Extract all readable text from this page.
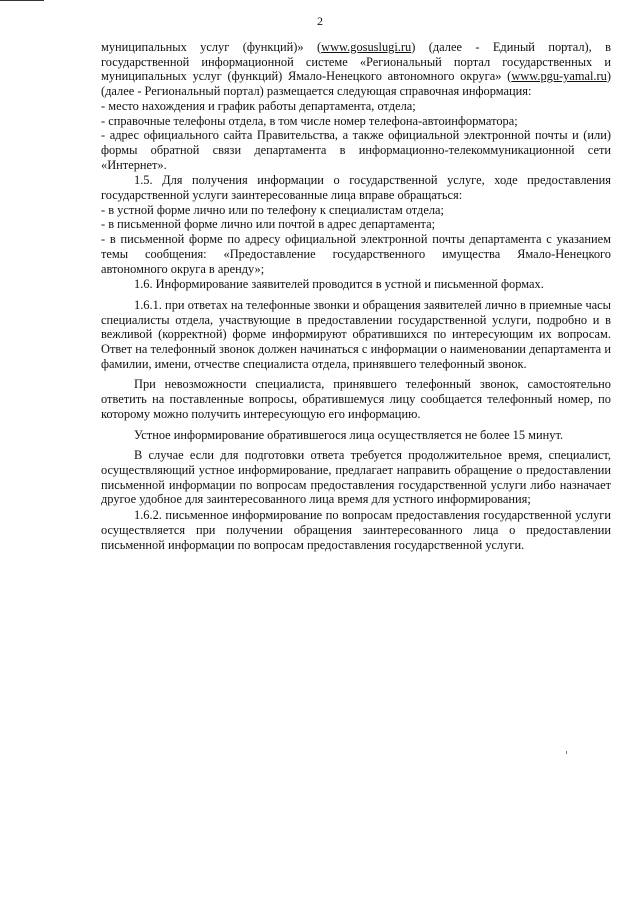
2

муниципальных услуг (функций)» (www.gosuslugi.ru) (далее - Единый портал), в государственной информационной системе «Региональный портал государственных и муниципальных услуг (функций) Ямало-Ненецкого автономного округа» (www.pgu-yamal.ru) (далее - Региональный портал) размещается следующая справочная информация:

- место нахождения и график работы департамента, отдела;

- справочные телефоны отдела, в том числе номер телефона-автоинформатора;

- адрес официального сайта Правительства, а также официальной электронной почты и (или) формы обратной связи департамента в информационно-телекоммуникационной сети «Интернет».

1.5. Для получения информации о государственной услуге, ходе предоставления государственной услуги заинтересованные лица вправе обращаться:

- в устной форме лично или по телефону к специалистам отдела;

- в письменной форме лично или почтой в адрес департамента;

- в письменной форме по адресу официальной электронной почты департамента с указанием темы сообщения: «Предоставление государственного имущества Ямало-Ненецкого автономного округа в аренду»;

1.6. Информирование заявителей проводится в устной и письменной формах.

1.6.1. при ответах на телефонные звонки и обращения заявителей лично в приемные часы специалисты отдела, участвующие в предоставлении государственной услуги, подробно и в вежливой (корректной) форме информируют обратившихся по интересующим их вопросам. Ответ на телефонный звонок должен начинаться с информации о наименовании департамента и фамилии, имени, отчестве специалиста отдела, принявшего телефонный звонок.

При невозможности специалиста, принявшего телефонный звонок, самостоятельно ответить на поставленные вопросы, обратившемуся лицу сообщается телефонный номер, по которому можно получить интересующую его информацию.

Устное информирование обратившегося лица осуществляется не более 15 минут.

В случае если для подготовки ответа требуется продолжительное время, специалист, осуществляющий устное информирование, предлагает направить обращение о предоставлении письменной информации по вопросам предоставления государственной услуги либо назначает другое удобное для заинтересованного лица время для устного информирования;

1.6.2. письменное информирование по вопросам предоставления государственной услуги осуществляется при получении обращения заинтересованного лица о предоставлении письменной информации по вопросам предоставления государственной услуги.
